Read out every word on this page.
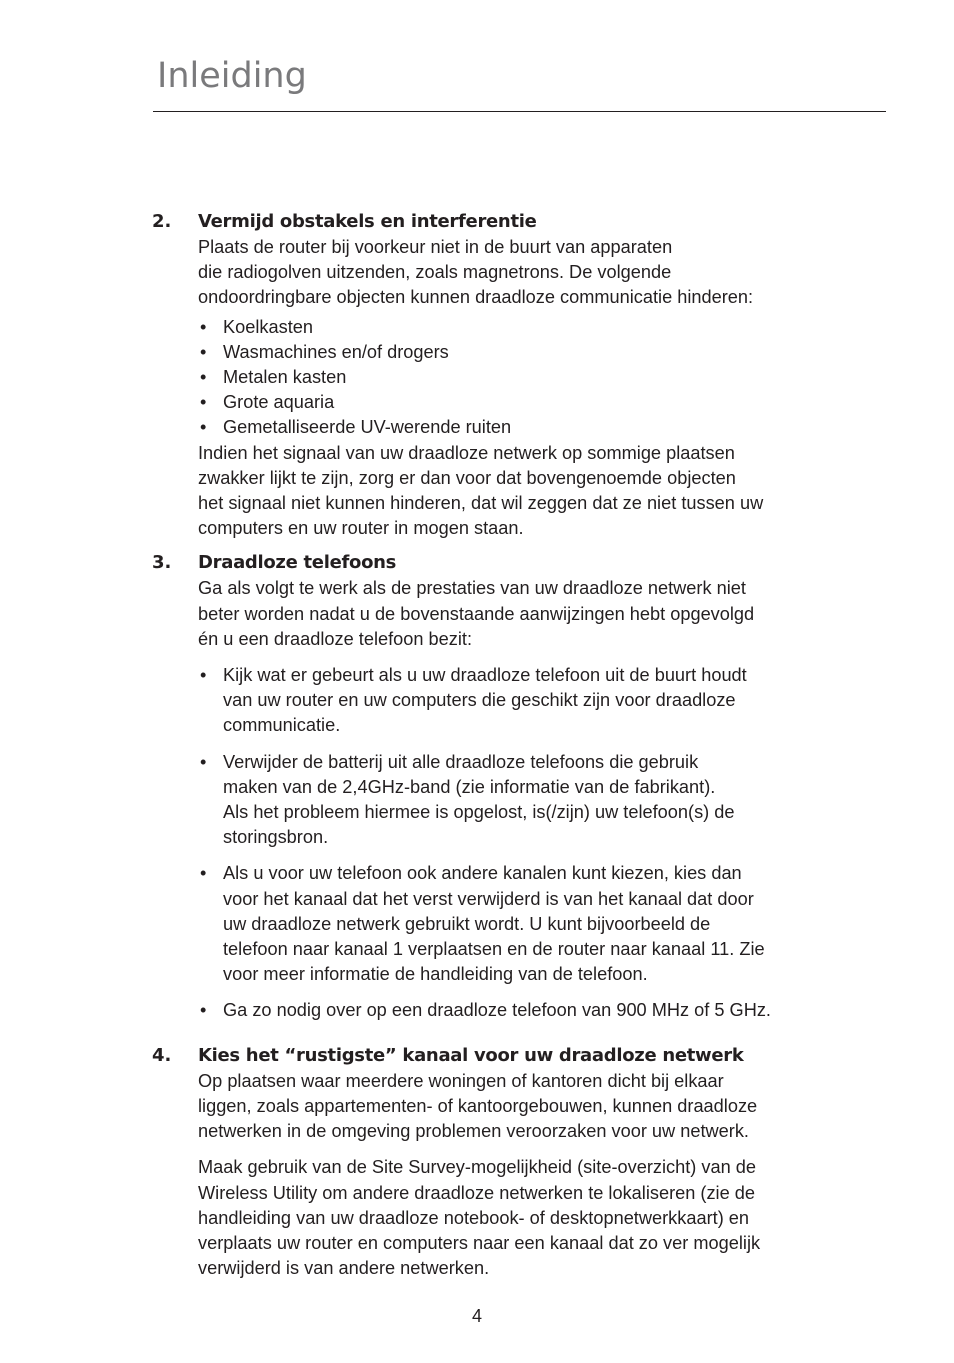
Inleiding
2. Vermijd obstakels en interferentie

Plaats de router bij voorkeur niet in de buurt van apparaten
die radiogolven uitzenden, zoals magnetrons. De volgende
ondoordringbare objecten kunnen draadloze communicatie hinderen:

• Koelkasten
• Wasmachines en/of drogers
• Metalen kasten
• Grote aquaria
• Gemetalliseerde UV-werende ruiten

Indien het signaal van uw draadloze netwerk op sommige plaatsen
zwakker lijkt te zijn, zorg er dan voor dat bovengenoemde objecten
het signaal niet kunnen hinderen, dat wil zeggen dat ze niet tussen uw
computers en uw router in mogen staan.

3. Draadloze telefoons

Ga als volgt te werk als de prestaties van uw draadloze netwerk niet
beter worden nadat u de bovenstaande aanwijzingen hebt opgevolgd
én u een draadloze telefoon bezit:

• Kijk wat er gebeurt als u uw draadloze telefoon uit de buurt houdt
van uw router en uw computers die geschikt zijn voor draadloze
communicatie.
• Verwijder de batterij uit alle draadloze telefoons die gebruik
maken van de 2,4GHz-band (zie informatie van de fabrikant).
Als het probleem hiermee is opgelost, is(/zijn) uw telefoon(s) de
storingsbron.
• Als u voor uw telefoon ook andere kanalen kunt kiezen, kies dan
voor het kanaal dat het verst verwijderd is van het kanaal dat door
uw draadloze netwerk gebruikt wordt. U kunt bijvoorbeeld de
telefoon naar kanaal 1 verplaatsen en de router naar kanaal 11. Zie
voor meer informatie de handleiding van de telefoon.
• Ga zo nodig over op een draadloze telefoon van 900 MHz of 5 GHz.
4. Kies het “rustigste” kanaal voor uw draadloze netwerk

Op plaatsen waar meerdere woningen of kantoren dicht bij elkaar
liggen, zoals appartementen- of kantoorgebouwen, kunnen draadloze
netwerken in de omgeving problemen veroorzaken voor uw netwerk.

Maak gebruik van de Site Survey-mogelijkheid (site-overzicht) van de
Wireless Utility om andere draadloze netwerken te lokaliseren (zie de
handleiding van uw draadloze notebook- of desktopnetwerkkaart) en
verplaats uw router en computers naar een kanaal dat zo ver mogelijk
verwijderd is van andere netwerken.

4
